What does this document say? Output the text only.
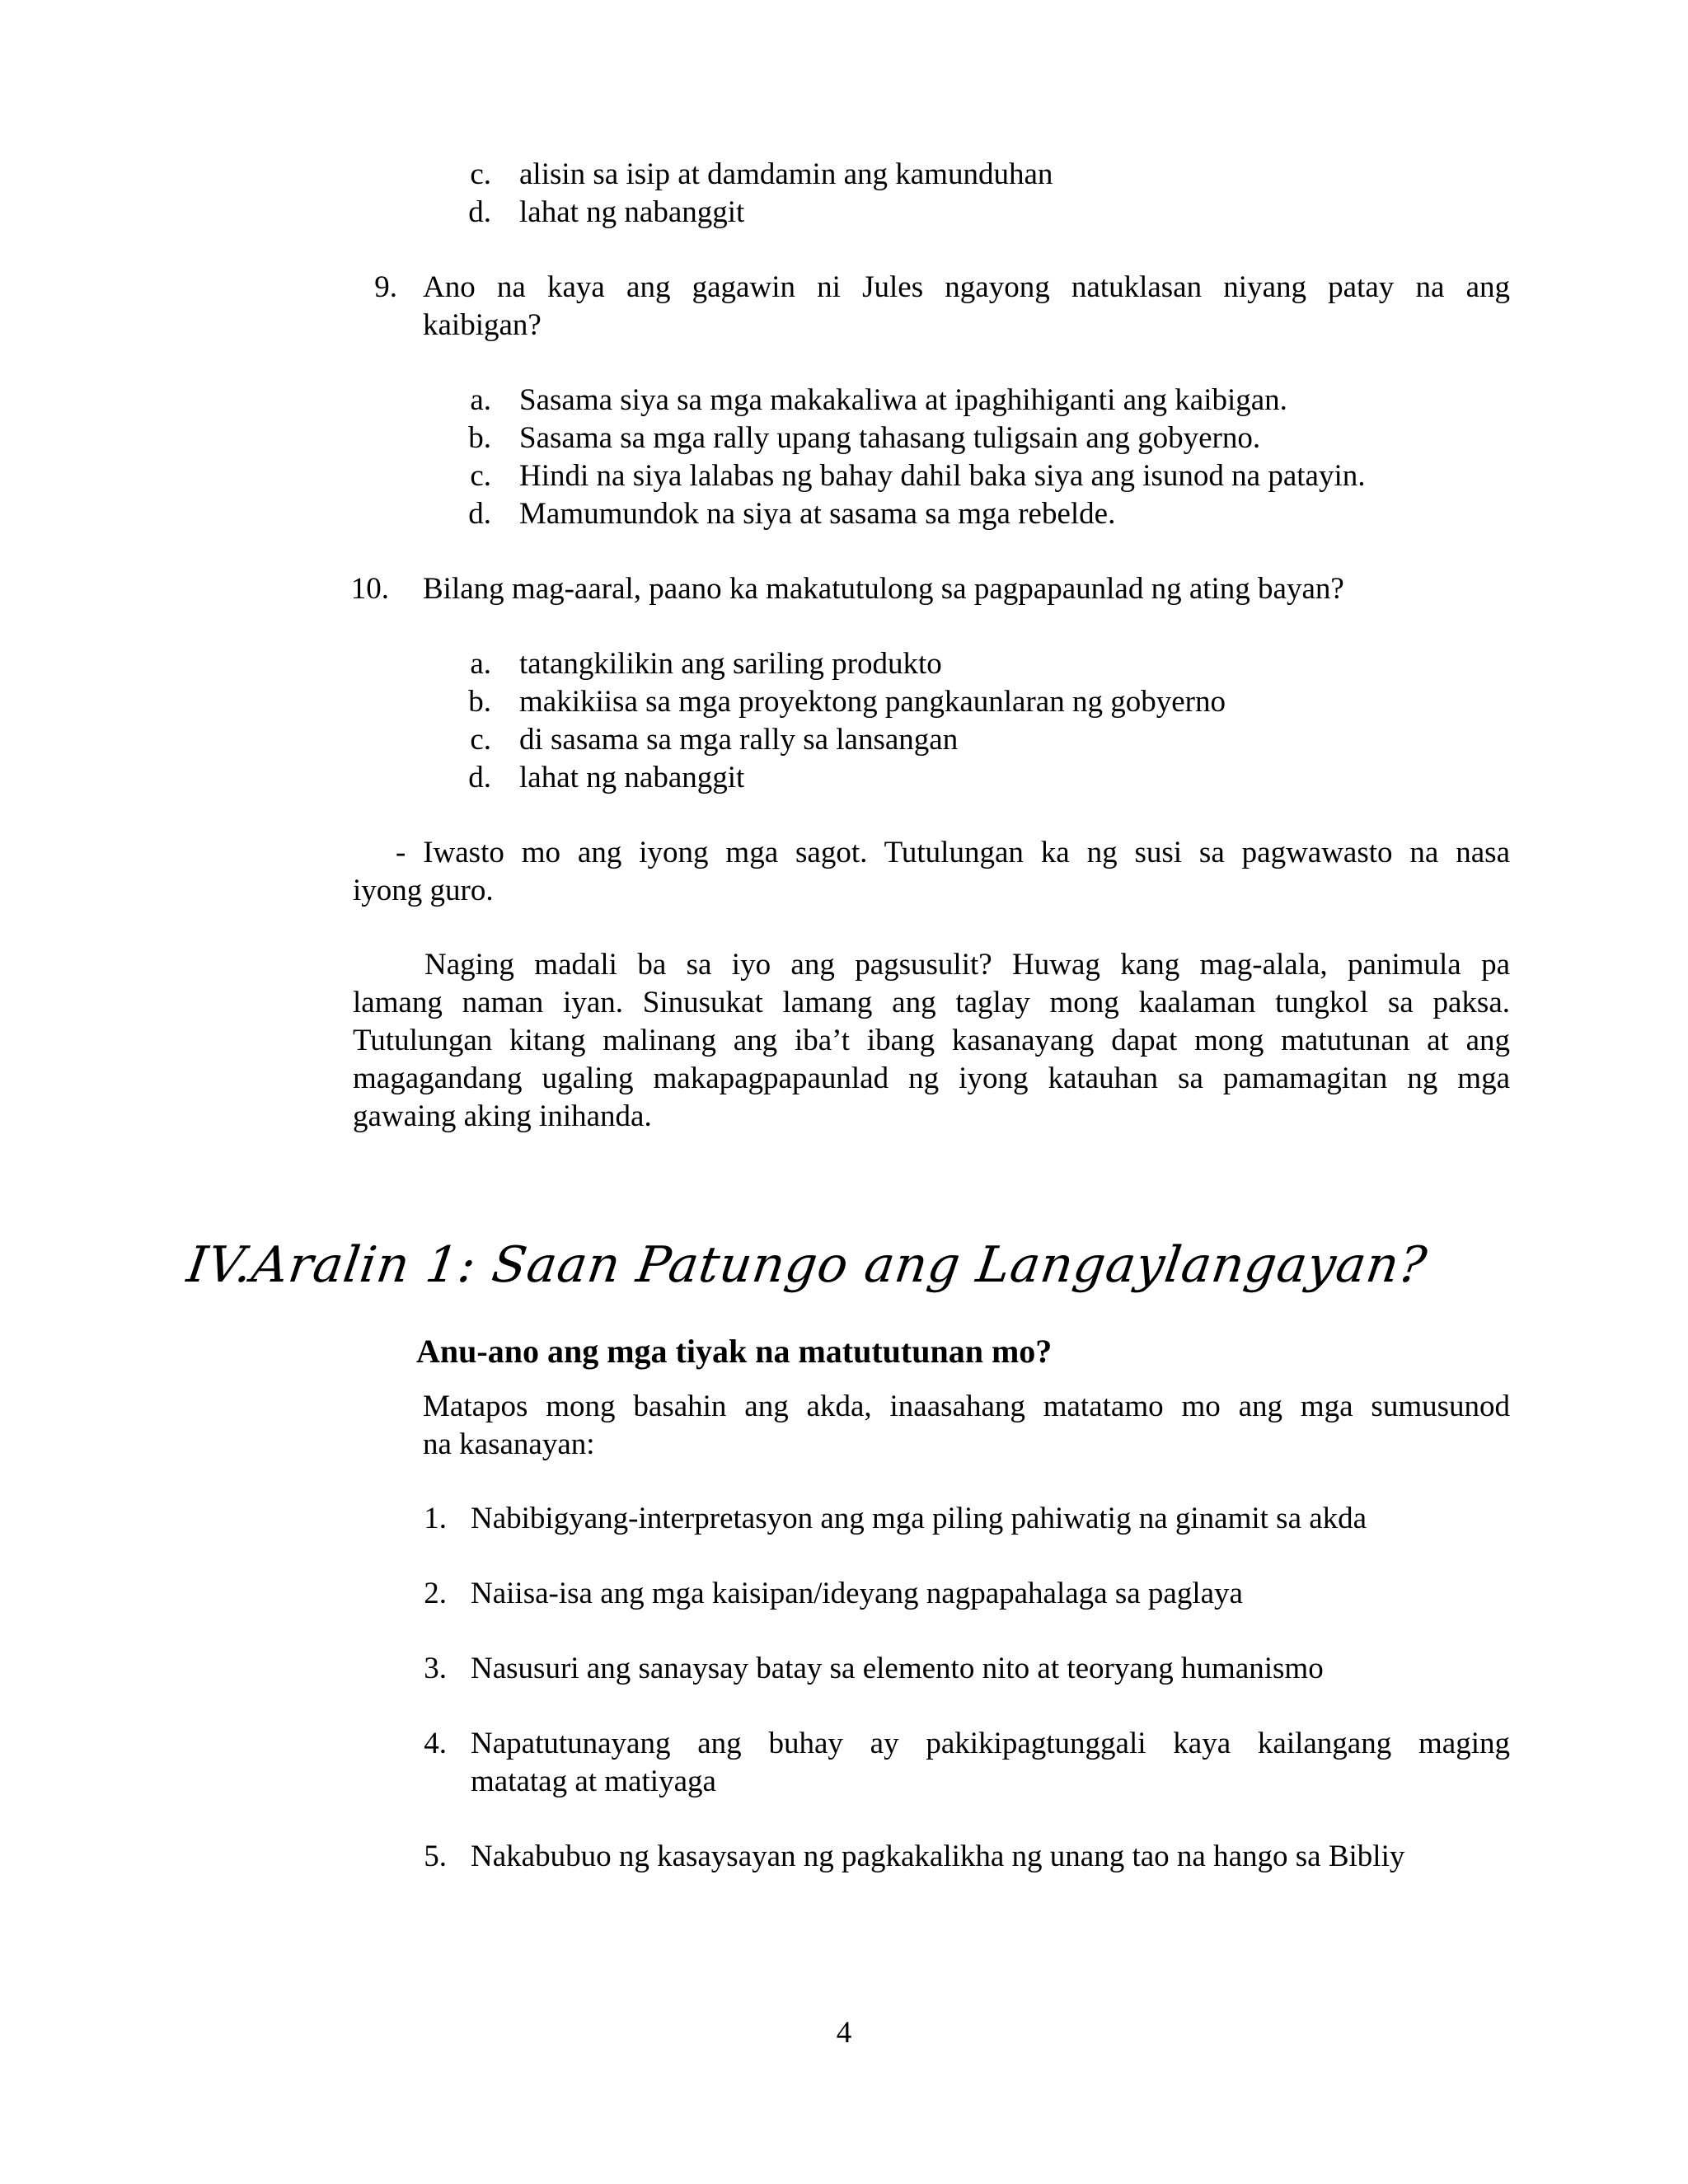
c. alisin sa isip at damdamin ang kamunduhan
d. lahat ng nabanggit
9. Ano na kaya ang gagawin ni Jules ngayong natuklasan niyang patay na ang
kaibigan?
a. Sasama siya sa mga makakaliwa at ipaghihiganti ang kaibigan.
b. Sasama sa mga rally upang tahasang tuligsain ang gobyerno.
c. Hindi na siya lalabas ng bahay dahil baka siya ang isunod na patayin.
d. Mamumundok na siya at sasama sa mga rebelde.
10. Bilang mag-aaral, paano ka makatutulong sa pagpapaunlad ng ating bayan?
a. tatangkilikin ang sariling produkto
b. makikiisa sa mga proyektong pangkaunlaran ng gobyerno
c. di sasama sa mga rally sa lansangan
d. lahat ng nabanggit
- Iwasto mo ang iyong mga sagot. Tutulungan ka ng susi sa pagwawasto na nasa
iyong guro.
Naging madali ba sa iyo ang pagsusulit? Huwag kang mag-alala, panimula pa
lamang naman iyan. Sinusukat lamang ang taglay mong kaalaman tungkol sa paksa.
Tutulungan kitang malinang ang iba’t ibang kasanayang dapat mong matutunan at ang
magagandang ugaling makapagpapaunlad ng iyong katauhan sa pamamagitan ng mga
gawaing aking inihanda.
IV.Aralin 1: Saan Patungo ang Langaylangayan?
Anu-ano ang mga tiyak na matututunan mo?
Matapos mong basahin ang akda, inaasahang matatamo mo ang mga sumusunod
na kasanayan:
1. Nabibigyang-interpretasyon ang mga piling pahiwatig na ginamit sa akda
2. Naiisa-isa ang mga kaisipan/ideyang nagpapahalaga sa paglaya
3. Nasusuri ang sanaysay batay sa elemento nito at teoryang humanismo
4. Napatutunayang ang buhay ay pakikipagtunggali kaya kailangang maging
matatag at matiyaga
5. Nakabubuo ng kasaysayan ng pagkakalikha ng unang tao na hango sa Bibliy
4
